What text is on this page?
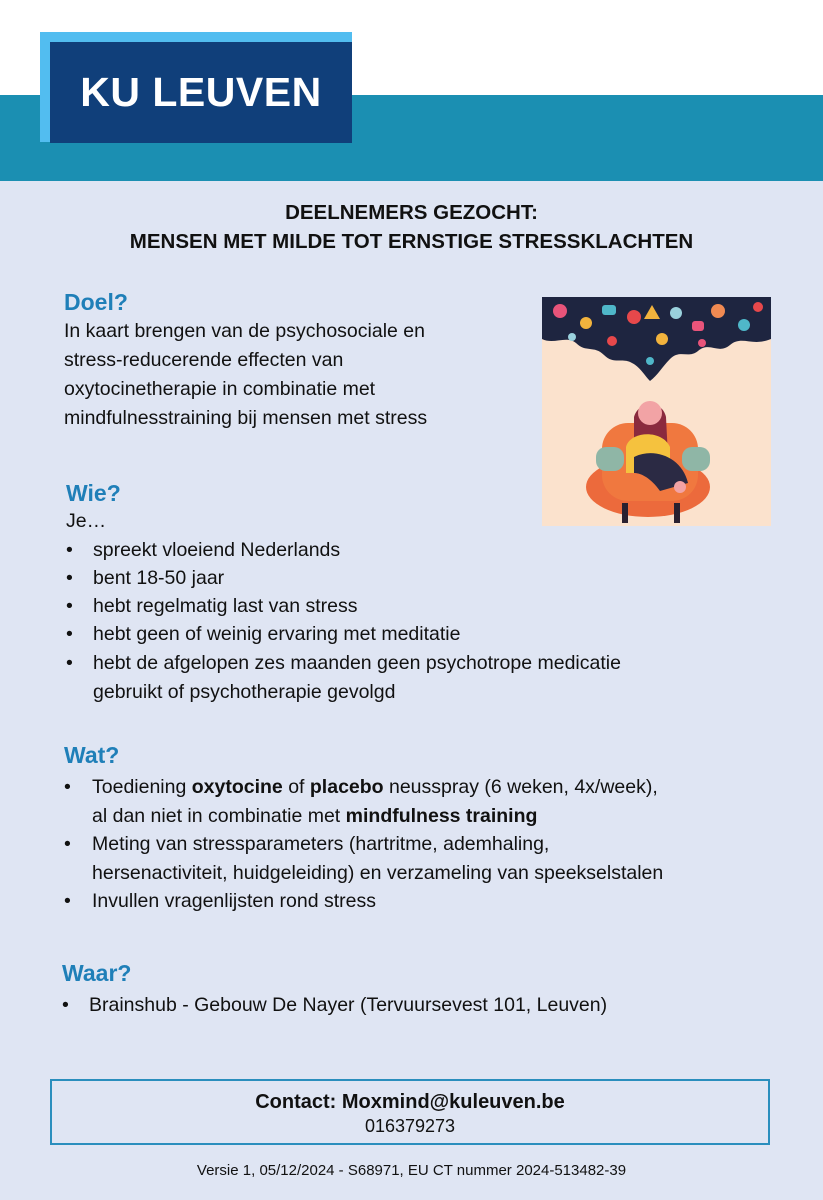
KU LEUVEN
DEELNEMERS GEZOCHT:
MENSEN MET MILDE TOT ERNSTIGE STRESSKLACHTEN
Doel?
In kaart brengen van de psychosociale en
stress-reducerende effecten van
oxytocinetherapie in combinatie met
mindfulnesstraining bij mensen met stress
Wie?
Je…
•	spreekt vloeiend Nederlands
•	bent 18-50 jaar
•	hebt regelmatig last van stress
•	hebt geen of weinig ervaring met meditatie
•	hebt de afgelopen zes maanden geen psychotrope medicatie
gebruikt of psychotherapie gevolgd
Wat?
•	Toediening oxytocine of placebo neusspray (6 weken, 4x/week),
al dan niet in combinatie met mindfulness training
•	Meting van stressparameters (hartritme, ademhaling,
hersenactiviteit, huidgeleiding) en verzameling van speekselstalen
•	Invullen vragenlijsten rond stress
Waar?
•	Brainshub - Gebouw De Nayer (Tervuursevest 101, Leuven)
Contact: Moxmind@kuleuven.be
016379273
Versie 1, 05/12/2024 - S68971, EU CT nummer 2024-513482-39
